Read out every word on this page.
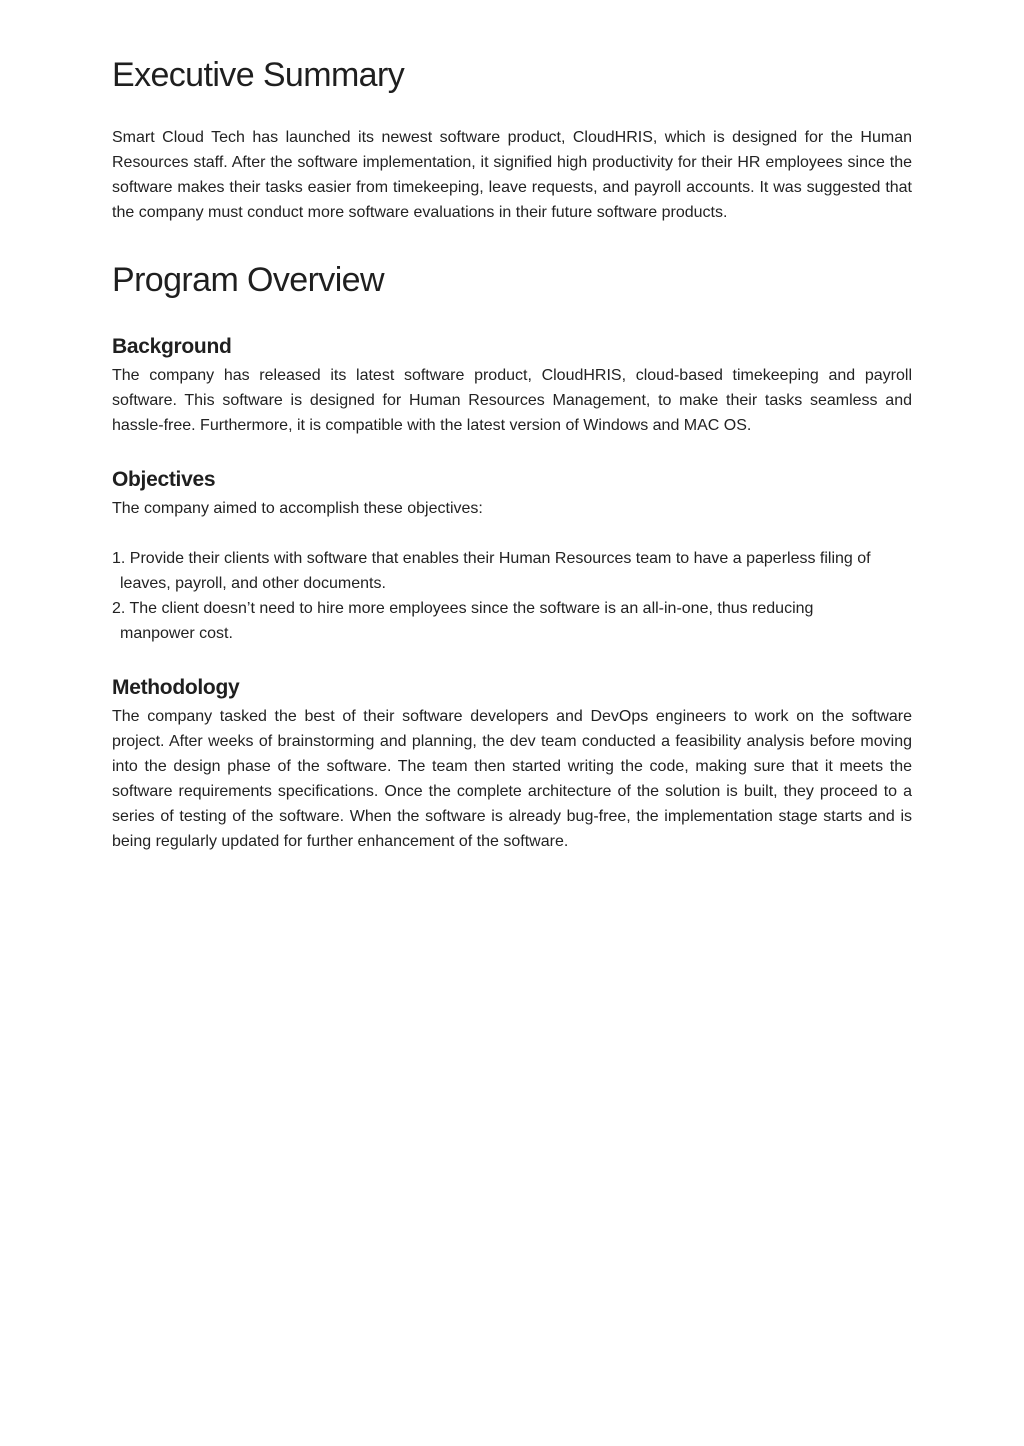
Executive Summary

Smart Cloud Tech has launched its newest software product, CloudHRIS, which is designed for the Human Resources staff. After the software implementation, it signified high productivity for their HR employees since the software makes their tasks easier from timekeeping, leave requests, and payroll accounts. It was suggested that the company must conduct more software evaluations in their future software products.

Program Overview
Background

The company has released its latest software product, CloudHRIS, cloud-based timekeeping and payroll software. This software is designed for Human Resources Management, to make their tasks seamless and hassle-free. Furthermore, it is compatible with the latest version of Windows and MAC OS.

Objectives

The company aimed to accomplish these objectives:

1. Provide their clients with software that enables their Human Resources team to have a paperless filing of leaves, payroll, and other documents.
2. The client doesn’t need to hire more employees since the software is an all-in-one, thus reducing manpower cost.
Methodology

The company tasked the best of their software developers and DevOps engineers to work on the software project. After weeks of brainstorming and planning, the dev team conducted a feasibility analysis before moving into the design phase of the software. The team then started writing the code, making sure that it meets the software requirements specifications. Once the complete architecture of the solution is built, they proceed to a series of testing of the software. When the software is already bug-free, the implementation stage starts and is being regularly updated for further enhancement of the software.
